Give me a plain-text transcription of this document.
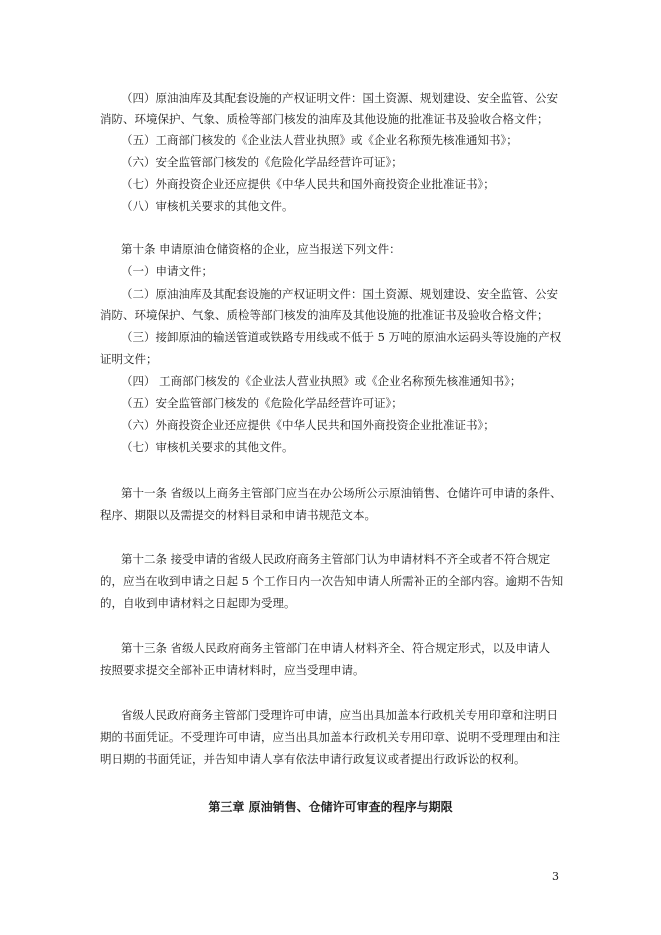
（四）原油油库及其配套设施的产权证明文件：国土资源、规划建设、安全监管、公安
消防、环境保护、气象、质检等部门核发的油库及其他设施的批准证书及验收合格文件；
（五）工商部门核发的《企业法人营业执照》或《企业名称预先核准通知书》；
（六）安全监管部门核发的《危险化学品经营许可证》；
（七）外商投资企业还应提供《中华人民共和国外商投资企业批准证书》；
（八）审核机关要求的其他文件。
第十条 申请原油仓储资格的企业，应当报送下列文件：
（一）申请文件；
（二）原油油库及其配套设施的产权证明文件：国土资源、规划建设、安全监管、公安
消防、环境保护、气象、质检等部门核发的油库及其他设施的批准证书及验收合格文件；
（三）接卸原油的输送管道或铁路专用线或不低于 5 万吨的原油水运码头等设施的产权
证明文件；
（四） 工商部门核发的《企业法人营业执照》或《企业名称预先核准通知书》；
（五）安全监管部门核发的《危险化学品经营许可证》；
（六）外商投资企业还应提供《中华人民共和国外商投资企业批准证书》；
（七）审核机关要求的其他文件。
第十一条 省级以上商务主管部门应当在办公场所公示原油销售、仓储许可申请的条件、
程序、期限以及需提交的材料目录和申请书规范文本。
第十二条 接受申请的省级人民政府商务主管部门认为申请材料不齐全或者不符合规定
的，应当在收到申请之日起 5 个工作日内一次告知申请人所需补正的全部内容。逾期不告知
的，自收到申请材料之日起即为受理。
第十三条 省级人民政府商务主管部门在申请人材料齐全、符合规定形式，以及申请人
按照要求提交全部补正申请材料时，应当受理申请。
省级人民政府商务主管部门受理许可申请，应当出具加盖本行政机关专用印章和注明日
期的书面凭证。不受理许可申请，应当出具加盖本行政机关专用印章、说明不受理理由和注
明日期的书面凭证，并告知申请人享有依法申请行政复议或者提出行政诉讼的权利。
第三章 原油销售、仓储许可审查的程序与期限
3
